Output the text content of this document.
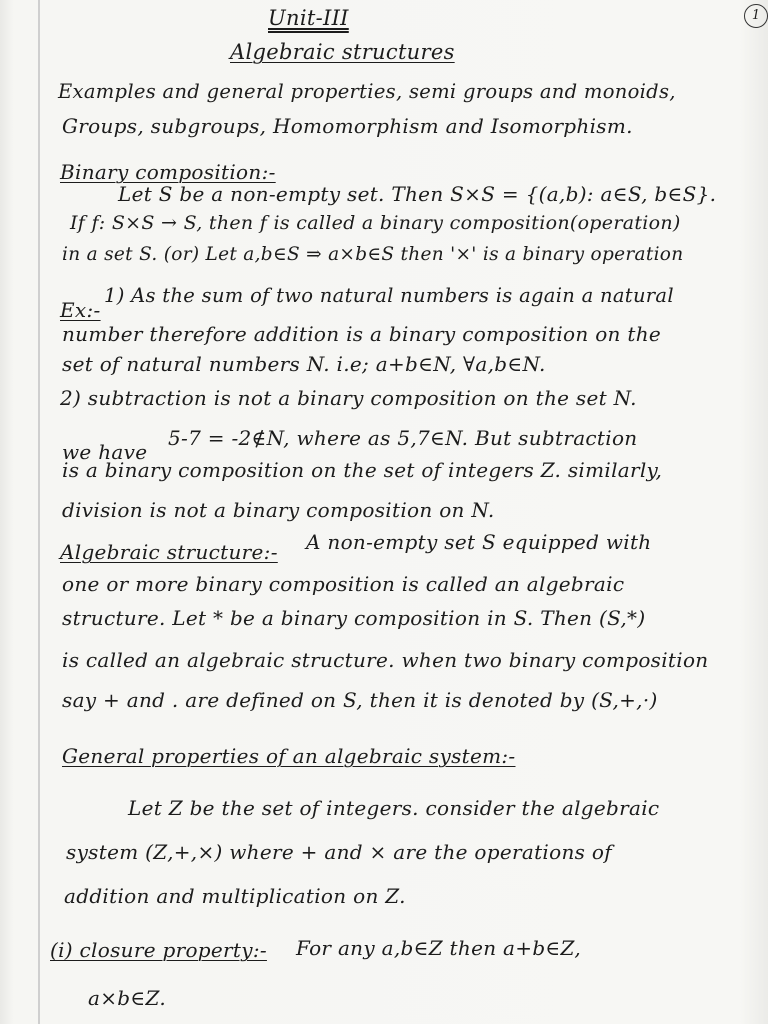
1
Unit-III
Algebraic structures
Examples and general properties, semi groups and monoids,
Groups, subgroups, Homomorphism and Isomorphism.
Binary composition:-
Let S be a non-empty set. Then S×S = {(a,b): a∈S, b∈S}.
If f: S×S → S, then f is called a binary composition(operation)
in a set S. (or) Let a,b∈S ⇒ a×b∈S then '×' is a binary operation
Ex:-
1) As the sum of two natural numbers is again a natural
number therefore addition is a binary composition on the
set of natural numbers N. i.e; a+b∈N, ∀a,b∈N.
2) subtraction is not a binary composition on the set N.
we have
5-7 = -2∉N, where as 5,7∈N. But subtraction
is a binary composition on the set of integers Z. similarly,
division is not a binary composition on N.
Algebraic structure:- A non-empty set S equipped with
one or more binary composition is called an algebraic
structure. Let * be a binary composition in S. Then (S,*)
is called an algebraic structure. when two binary composition
say + and . are defined on S, then it is denoted by (S,+,·)
General properties of an algebraic system:-
Let Z be the set of integers. consider the algebraic
system (Z,+,×) where + and × are the operations of
addition and multiplication on Z.
(i) closure property:- For any a,b∈Z then a+b∈Z,
a×b∈Z.
